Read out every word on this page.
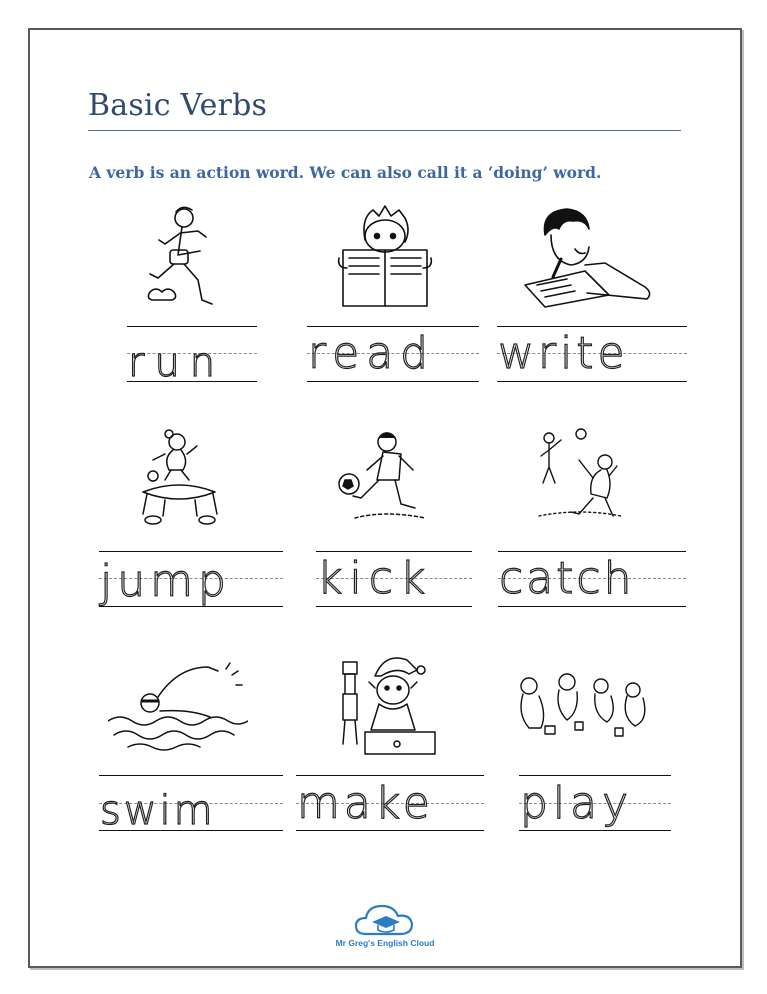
Basic Verbs
A verb is an action word. We can also call it a ‘doing’ word.
run read write
jump kick catch
swim make play
Mr Greg's English Cloud
